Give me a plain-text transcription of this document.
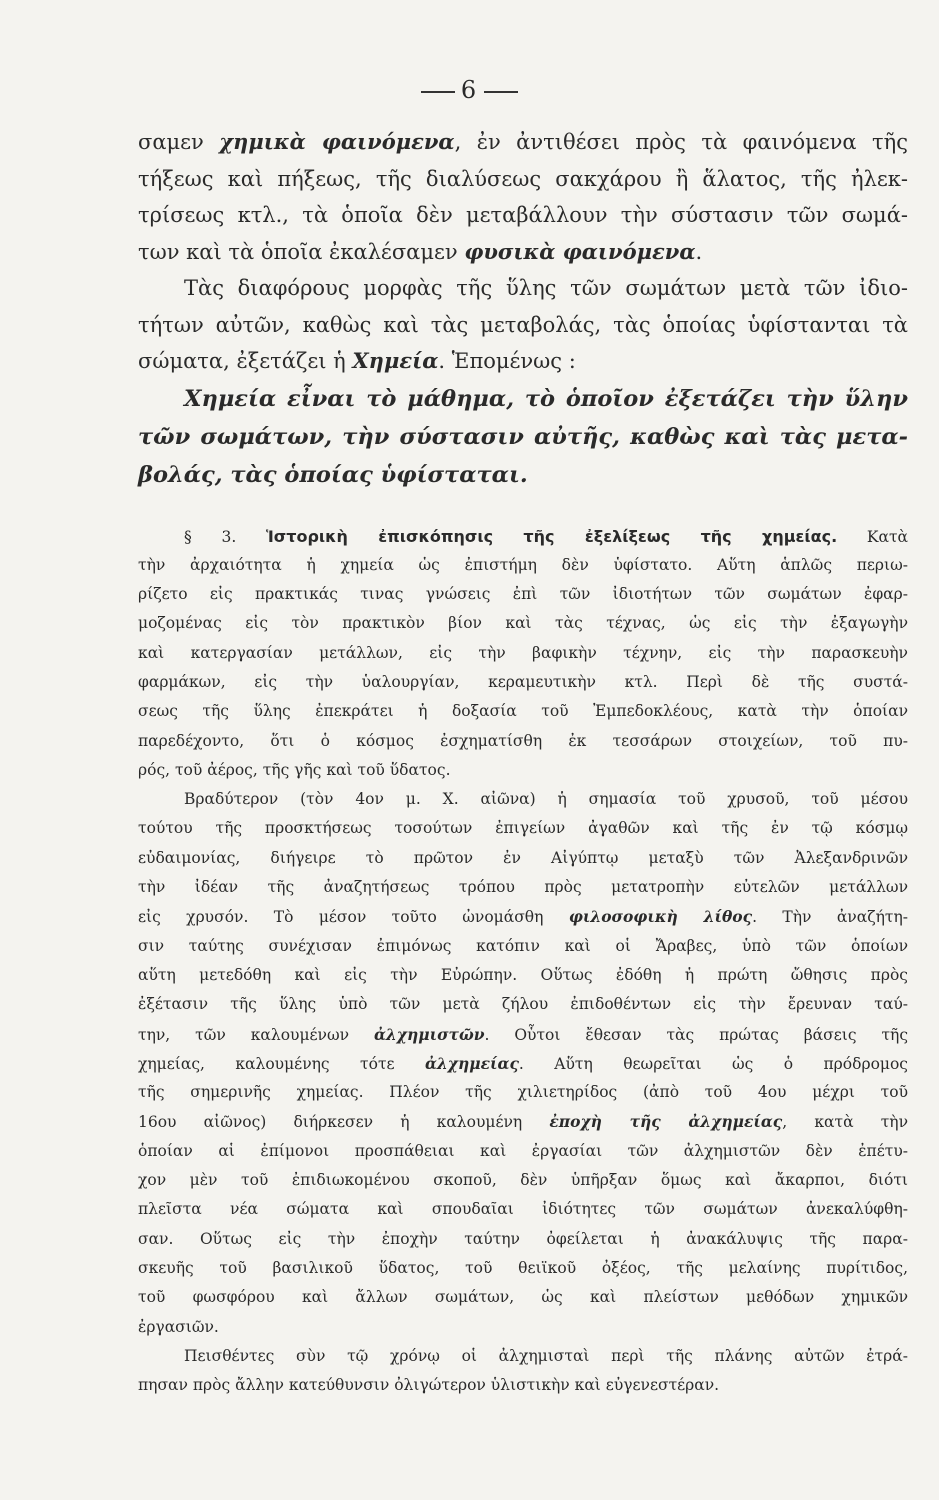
6
σαμεν χημικὰ φαινόμενα, ἐν ἀντιθέσει πρὸς τὰ φαινόμενα τῆς
τήξεως καὶ πήξεως, τῆς διαλύσεως σακχάρου ἢ ἅλατος, τῆς ἠλεκ-
τρίσεως κτλ., τὰ ὁποῖα δὲν μεταβάλλουν τὴν σύστασιν τῶν σωμά-
των καὶ τὰ ὁποῖα ἐκαλέσαμεν φυσικὰ φαινόμενα.
Τὰς διαφόρους μορφὰς τῆς ὕλης τῶν σωμάτων μετὰ τῶν ἰδιο-
τήτων αὐτῶν, καθὼς καὶ τὰς μεταβολάς, τὰς ὁποίας ὑφίστανται τὰ
σώματα, ἐξετάζει ἡ Χημεία. Ἑπομένως :
Χημεία εἶναι τὸ μάθημα, τὸ ὁποῖον ἐξετάζει τὴν ὕλην
τῶν σωμάτων, τὴν σύστασιν αὐτῆς, καθὼς καὶ τὰς μετα-
βολάς, τὰς ὁποίας ὑφίσταται.
§ 3. Ἱστορικὴ ἐπισκόπησις τῆς ἐξελίξεως τῆς χημείας. Κατὰ
τὴν ἀρχαιότητα ἡ χημεία ὡς ἐπιστήμη δὲν ὑφίστατο. Αὕτη ἁπλῶς περιω-
ρίζετο εἰς πρακτικάς τινας γνώσεις ἐπὶ τῶν ἰδιοτήτων τῶν σωμάτων ἐφαρ-
μοζομένας εἰς τὸν πρακτικὸν βίον καὶ τὰς τέχνας, ὡς εἰς τὴν ἐξαγωγὴν
καὶ κατεργασίαν μετάλλων, εἰς τὴν βαφικὴν τέχνην, εἰς τὴν παρασκευὴν
φαρμάκων, εἰς τὴν ὑαλουργίαν, κεραμευτικὴν κτλ. Περὶ δὲ τῆς συστά-
σεως τῆς ὕλης ἐπεκράτει ἡ δοξασία τοῦ Ἐμπεδοκλέους, κατὰ τὴν ὁποίαν
παρεδέχοντο, ὅτι ὁ κόσμος ἐσχηματίσθη ἐκ τεσσάρων στοιχείων, τοῦ πυ-
ρός, τοῦ ἀέρος, τῆς γῆς καὶ τοῦ ὕδατος.
Βραδύτερον (τὸν 4ον μ. Χ. αἰῶνα) ἡ σημασία τοῦ χρυσοῦ, τοῦ μέσου
τούτου τῆς προσκτήσεως τοσούτων ἐπιγείων ἀγαθῶν καὶ τῆς ἐν τῷ κόσμῳ
εὐδαιμονίας, διήγειρε τὸ πρῶτον ἐν Αἰγύπτῳ μεταξὺ τῶν Ἀλεξανδρινῶν
τὴν ἰδέαν τῆς ἀναζητήσεως τρόπου πρὸς μετατροπὴν εὐτελῶν μετάλλων
εἰς χρυσόν. Τὸ μέσον τοῦτο ὠνομάσθη φιλοσοφικὴ λίθος. Τὴν ἀναζήτη-
σιν ταύτης συνέχισαν ἐπιμόνως κατόπιν καὶ οἱ Ἄραβες, ὑπὸ τῶν ὁποίων
αὕτη μετεδόθη καὶ εἰς τὴν Εὐρώπην. Οὕτως ἐδόθη ἡ πρώτη ὤθησις πρὸς
ἐξέτασιν τῆς ὕλης ὑπὸ τῶν μετὰ ζήλου ἐπιδοθέντων εἰς τὴν ἔρευναν ταύ-
την, τῶν καλουμένων ἀλχημιστῶν. Οὗτοι ἔθεσαν τὰς πρώτας βάσεις τῆς
χημείας, καλουμένης τότε ἀλχημείας. Αὕτη θεωρεῖται ὡς ὁ πρόδρομος
τῆς σημερινῆς χημείας. Πλέον τῆς χιλιετηρίδος (ἀπὸ τοῦ 4ου μέχρι τοῦ
16ου αἰῶνος) διήρκεσεν ἡ καλουμένη ἐποχὴ τῆς ἀλχημείας, κατὰ τὴν
ὁποίαν αἱ ἐπίμονοι προσπάθειαι καὶ ἐργασίαι τῶν ἀλχημιστῶν δὲν ἐπέτυ-
χον μὲν τοῦ ἐπιδιωκομένου σκοποῦ, δὲν ὑπῆρξαν ὅμως καὶ ἄκαρποι, διότι
πλεῖστα νέα σώματα καὶ σπουδαῖαι ἰδιότητες τῶν σωμάτων ἀνεκαλύφθη-
σαν. Οὕτως εἰς τὴν ἐποχὴν ταύτην ὀφείλεται ἡ ἀνακάλυψις τῆς παρα-
σκευῆς τοῦ βασιλικοῦ ὕδατος, τοῦ θειϊκοῦ ὀξέος, τῆς μελαίνης πυρίτιδος,
τοῦ φωσφόρου καὶ ἄλλων σωμάτων, ὡς καὶ πλείστων μεθόδων χημικῶν
ἐργασιῶν.
Πεισθέντες σὺν τῷ χρόνῳ οἱ ἀλχημισταὶ περὶ τῆς πλάνης αὐτῶν ἐτρά-
πησαν πρὸς ἄλλην κατεύθυνσιν ὀλιγώτερον ὑλιστικὴν καὶ εὐγενεστέραν.
